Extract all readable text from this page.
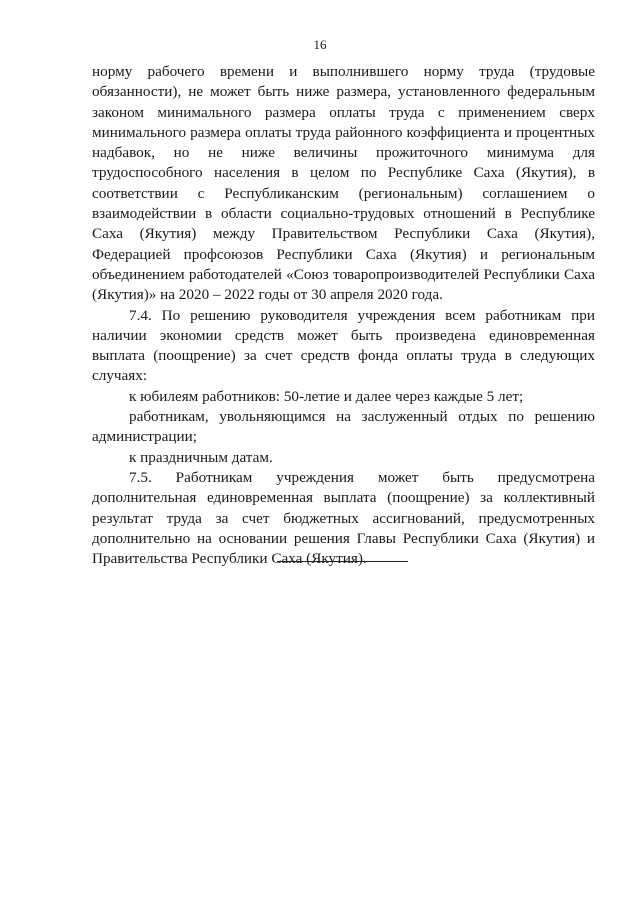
16

норму рабочего времени и выполнившего норму труда (трудовые обязанности), не может быть ниже размера, установленного федеральным законом минимального размера оплаты труда с применением сверх минимального размера оплаты труда районного коэффициента и процентных надбавок, но не ниже величины прожиточного минимума для трудоспособного населения в целом по Республике Саха (Якутия), в соответствии с Республиканским (региональным) соглашением о взаимодействии в области социально-трудовых отношений в Республике Саха (Якутия) между Правительством Республики Саха (Якутия), Федерацией профсоюзов Республики Саха (Якутия) и региональным объединением работодателей «Союз товаропроизводителей Республики Саха (Якутия)» на 2020 – 2022 годы от 30 апреля 2020 года.

7.4. По решению руководителя учреждения всем работникам при наличии экономии средств может быть произведена единовременная выплата (поощрение) за счет средств фонда оплаты труда в следующих случаях:

к юбилеям работников: 50-летие и далее через каждые 5 лет;

работникам, увольняющимся на заслуженный отдых по решению администрации;

к праздничным датам.

7.5. Работникам учреждения может быть предусмотрена дополнительная единовременная выплата (поощрение) за коллективный результат труда за счет бюджетных ассигнований, предусмотренных дополнительно на основании решения Главы Республики Саха (Якутия) и Правительства Республики Саха (Якутия).
